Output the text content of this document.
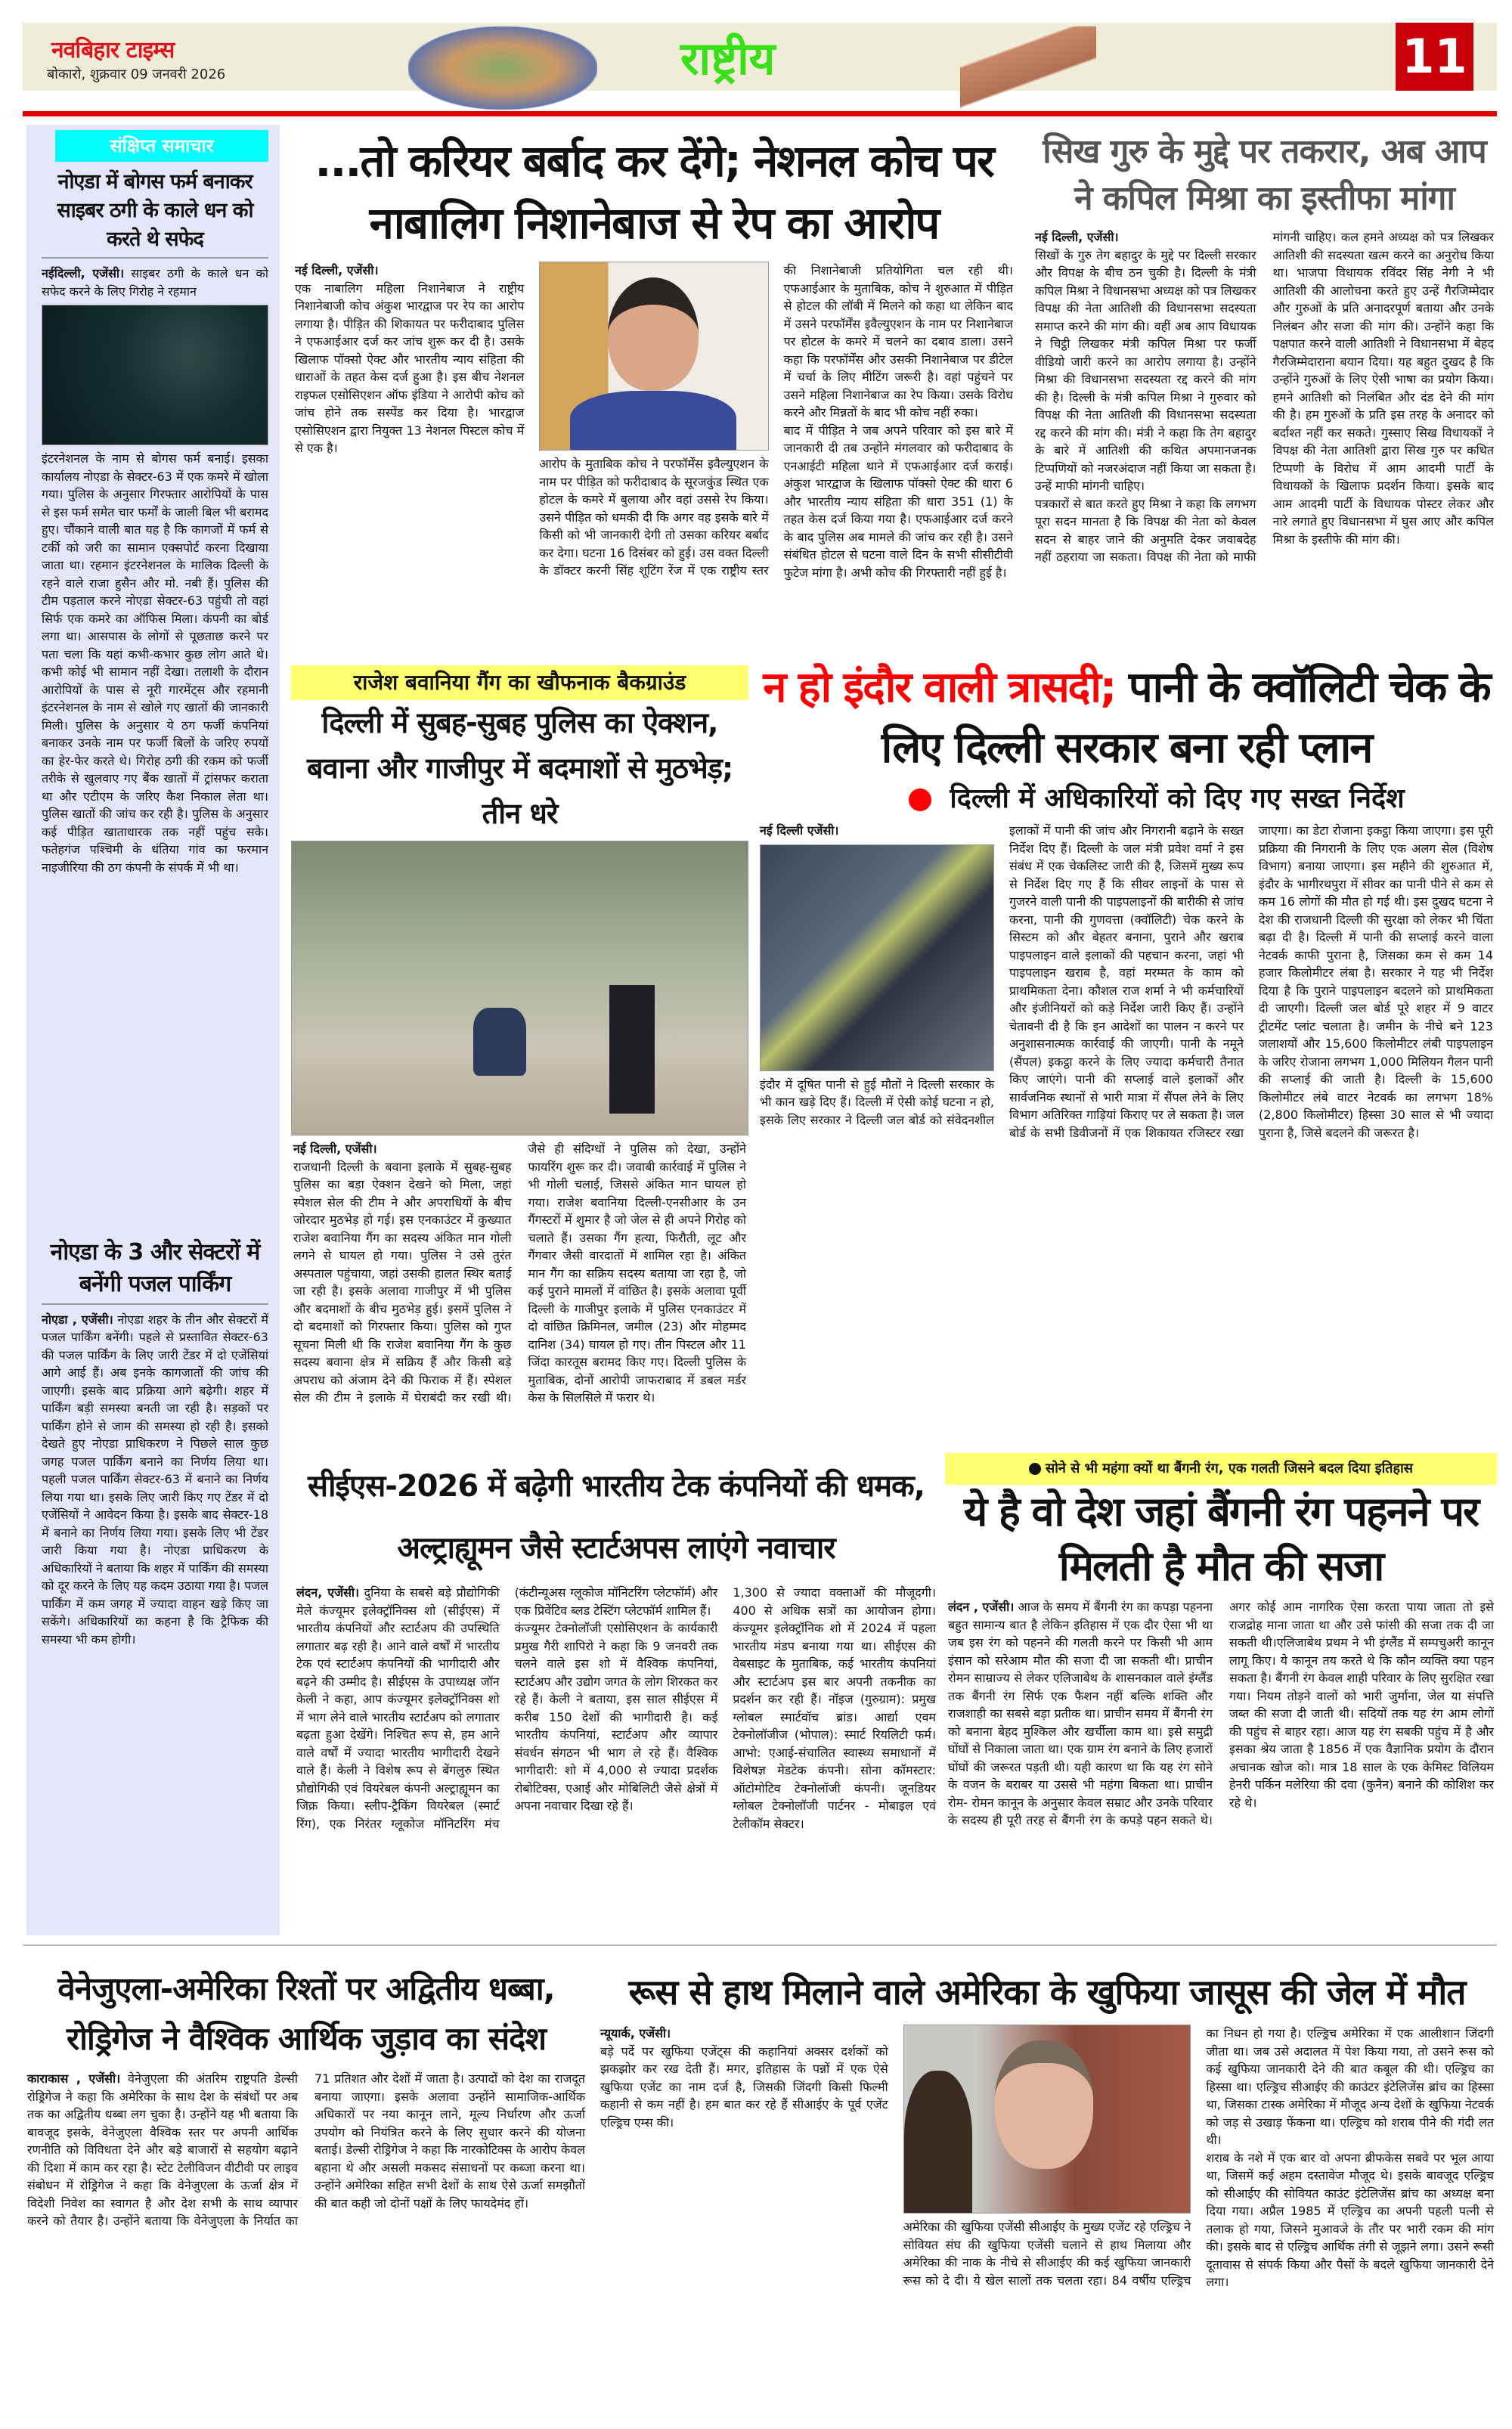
नवबिहार टाइम्स
बोकारो, शुक्रवार 09 जनवरी 2026	राष्ट्रीय	11
संक्षिप्त समाचार
नोएडा में बोगस फर्म बनाकर साइबर ठगी के काले धन को करते थे सफेद
नईदिल्ली, एजेंसी। साइबर ठगी के काले धन को सफेद करने के लिए गिरोह ने रहमान
इंटरनेशनल के नाम से बोगस फर्म बनाई। इसका कार्यालय नोएडा के सेक्टर-63 में एक कमरे में खोला गया। पुलिस के अनुसार गिरफ्तार आरोपियों के पास से इस फर्म समेत चार फर्मों के जाली बिल भी बरामद हुए। चौंकाने वाली बात यह है कि कागजों में फर्म से टर्की को जरी का सामान एक्सपोर्ट करना दिखाया जाता था। रहमान इंटरनेशनल के मालिक दिल्ली के रहने वाले राजा हुसैन और मो. नबी हैं। पुलिस की टीम पड़ताल करने नोएडा सेक्टर-63 पहुंची तो वहां सिर्फ एक कमरे का ऑफिस मिला। कंपनी का बोर्ड लगा था। आसपास के लोगों से पूछताछ करने पर पता चला कि यहां कभी-कभार कुछ लोग आते थे। कभी कोई भी सामान नहीं देखा। तलाशी के दौरान आरोपियों के पास से नूरी गारमेंट्स और रहमानी इंटरनेशनल के नाम से खोले गए खातों की जानकारी मिली। पुलिस के अनुसार ये ठग फर्जी कंपनियां बनाकर उनके नाम पर फर्जी बिलों के जरिए रुपयों का हेर-फेर करते थे। गिरोह ठगी की रकम को फर्जी तरीके से खुलवाए गए बैंक खातों में ट्रांसफर कराता था और एटीएम के जरिए कैश निकाल लेता था। पुलिस खातों की जांच कर रही है। पुलिस के अनुसार कई पीड़ित खाताधारक तक नहीं पहुंच सके। फतेहगंज पश्चिमी के धंतिया गांव का फरमान नाइजीरिया की ठग कंपनी के संपर्क में भी था।
नोएडा के 3 और सेक्टरों में बनेंगी पजल पार्किंग
नोएडा , एजेंसी। नोएडा शहर के तीन और सेक्टरों में पजल पार्किंग बनेंगी। पहले से प्रस्तावित सेक्टर-63 की पजल पार्किंग के लिए जारी टेंडर में दो एजेंसियां आगे आई हैं। अब इनके कागजातों की जांच की जाएगी। इसके बाद प्रक्रिया आगे बढ़ेगी। शहर में पार्किंग बड़ी समस्या बनती जा रही है। सड़कों पर पार्किंग होने से जाम की समस्या हो रही है। इसको देखते हुए नोएडा प्राधिकरण ने पिछले साल कुछ जगह पजल पार्किंग बनाने का निर्णय लिया था। पहली पजल पार्किंग सेक्टर-63 में बनाने का निर्णय लिया गया था। इसके लिए जारी किए गए टेंडर में दो एजेंसियों ने आवेदन किया है। इसके बाद सेक्टर-18 में बनाने का निर्णय लिया गया। इसके लिए भी टेंडर जारी किया गया है। नोएडा प्राधिकरण के अधिकारियों ने बताया कि शहर में पार्किंग की समस्या को दूर करने के लिए यह कदम उठाया गया है। पजल पार्किंग में कम जगह में ज्यादा वाहन खड़े किए जा सकेंगे। अधिकारियों का कहना है कि ट्रैफिक की समस्या भी कम होगी।
...तो करियर बर्बाद कर देंगे; नेशनल कोच पर नाबालिग निशानेबाज से रेप का आरोप

नई दिल्ली, एजेंसी।

एक नाबालिग महिला निशानेबाज ने राष्ट्रीय निशानेबाजी कोच अंकुश भारद्वाज पर रेप का आरोप लगाया है। पीड़ित की शिकायत पर फरीदाबाद पुलिस ने एफआईआर दर्ज कर जांच शुरू कर दी है। उसके खिलाफ पॉक्सो ऐक्ट और भारतीय न्याय संहिता की धाराओं के तहत केस दर्ज हुआ है। इस बीच नेशनल राइफल एसोसिएशन ऑफ इंडिया ने आरोपी कोच को जांच होने तक सस्पेंड कर दिया है। भारद्वाज एसोसिएशन द्वारा नियुक्त 13 नेशनल पिस्टल कोच में से एक है।

आरोप के मुताबिक कोच ने परफॉर्मेंस इवैल्युएशन के नाम पर पीड़ित को फरीदाबाद के सूरजकुंड स्थित एक होटल के कमरे में बुलाया और वहां उससे रेप किया। उसने पीड़ित को धमकी दी कि अगर वह इसके बारे में किसी को भी जानकारी देगी तो उसका करियर बर्बाद कर देगा। घटना 16 दिसंबर को हुई। उस वक्त दिल्ली के डॉक्टर करनी सिंह शूटिंग रेंज में एक राष्ट्रीय स्तर की निशानेबाजी प्रतियोगिता चल रही थी। एफआईआर के मुताबिक, कोच ने शुरुआत में पीड़ित से होटल की लॉबी में मिलने को कहा था लेकिन बाद में उसने परफॉर्मेंस इवैल्युएशन के नाम पर निशानेबाज पर होटल के कमरे में चलने का दबाव डाला। उसने कहा कि परफॉर्मेंस और उसकी निशानेबाज पर डीटेल में चर्चा के लिए मीटिंग जरूरी है। वहां पहुंचने पर उसने महिला निशानेबाज का रेप किया। उसके विरोध करने और मिन्नतों के बाद भी कोच नहीं रुका।

बाद में पीड़ित ने जब अपने परिवार को इस बारे में जानकारी दी तब उन्होंने मंगलवार को फरीदाबाद के एनआईटी महिला थाने में एफआईआर दर्ज कराई। अंकुश भारद्वाज के खिलाफ पॉक्सो ऐक्ट की धारा 6 और भारतीय न्याय संहिता की धारा 351 (1) के तहत केस दर्ज किया गया है। एफआईआर दर्ज करने के बाद पुलिस अब मामले की जांच कर रही है। उसने संबंधित होटल से घटना वाले दिन के सभी सीसीटीवी फुटेज मांगा है। अभी कोच की गिरफ्तारी नहीं हुई है।

सिख गुरु के मुद्दे पर तकरार, अब आप ने कपिल मिश्रा का इस्तीफा मांगा

नई दिल्ली, एजेंसी।

सिखों के गुरु तेग बहादुर के मुद्दे पर दिल्ली सरकार और विपक्ष के बीच ठन चुकी है। दिल्ली के मंत्री कपिल मिश्रा ने विधानसभा अध्यक्ष को पत्र लिखकर विपक्ष की नेता आतिशी की विधानसभा सदस्यता समाप्त करने की मांग की। वहीं अब आप विधायक ने चिट्ठी लिखकर मंत्री कपिल मिश्रा पर फर्जी वीडियो जारी करने का आरोप लगाया है। उन्होंने मिश्रा की विधानसभा सदस्यता रद्द करने की मांग की है। दिल्ली के मंत्री कपिल मिश्रा ने गुरुवार को विपक्ष की नेता आतिशी की विधानसभा सदस्यता रद्द करने की मांग की। मंत्री ने कहा कि तेग बहादुर के बारे में आतिशी की कथित अपमानजनक टिप्पणियों को नजरअंदाज नहीं किया जा सकता है। उन्हें माफी मांगनी चाहिए।

पत्रकारों से बात करते हुए मिश्रा ने कहा कि लगभग पूरा सदन मानता है कि विपक्ष की नेता को केवल सदन से बाहर जाने की अनुमति देकर जवाबदेह नहीं ठहराया जा सकता। विपक्ष की नेता को माफी मांगनी चाहिए। कल हमने अध्यक्ष को पत्र लिखकर आतिशी की सदस्यता खत्म करने का अनुरोध किया था। भाजपा विधायक रविंदर सिंह नेगी ने भी आतिशी की आलोचना करते हुए उन्हें गैरजिम्मेदार और गुरुओं के प्रति अनादरपूर्ण बताया और उनके निलंबन और सजा की मांग की। उन्होंने कहा कि पक्षपात करने वाली आतिशी ने विधानसभा में बेहद गैरजिम्मेदाराना बयान दिया। यह बहुत दुखद है कि उन्होंने गुरुओं के लिए ऐसी भाषा का प्रयोग किया। हमने आतिशी को निलंबित और दंड देने की मांग की है। हम गुरुओं के प्रति इस तरह के अनादर को बर्दाश्त नहीं कर सकते। गुस्साए सिख विधायकों ने विपक्ष की नेता आतिशी द्वारा सिख गुरु पर कथित टिप्पणी के विरोध में आम आदमी पार्टी के विधायकों के खिलाफ प्रदर्शन किया। इसके बाद आम आदमी पार्टी के विधायक पोस्टर लेकर और नारे लगाते हुए विधानसभा में घुस आए और कपिल मिश्रा के इस्तीफे की मांग की।

राजेश बवानिया गैंग का खौफनाक बैकग्राउंड
दिल्ली में सुबह-सुबह पुलिस का ऐक्शन, बवाना और गाजीपुर में बदमाशों से मुठभेड़; तीन धरे

नई दिल्ली, एजेंसी।

राजधानी दिल्ली के बवाना इलाके में सुबह-सुबह पुलिस का बड़ा ऐक्शन देखने को मिला, जहां स्पेशल सेल की टीम ने और अपराधियों के बीच जोरदार मुठभेड़ हो गई। इस एनकाउंटर में कुख्यात राजेश बवानिया गैंग का सदस्य अंकित मान गोली लगने से घायल हो गया। पुलिस ने उसे तुरंत अस्पताल पहुंचाया, जहां उसकी हालत स्थिर बताई जा रही है। इसके अलावा गाजीपुर में भी पुलिस और बदमाशों के बीच मुठभेड़ हुई। इसमें पुलिस ने दो बदमाशों को गिरफ्तार किया। पुलिस को गुप्त सूचना मिली थी कि राजेश बवानिया गैंग के कुछ सदस्य बवाना क्षेत्र में सक्रिय हैं और किसी बड़े अपराध को अंजाम देने की फिराक में हैं। स्पेशल सेल की टीम ने इलाके में घेराबंदी कर रखी थी। जैसे ही संदिग्धों ने पुलिस को देखा, उन्होंने फायरिंग शुरू कर दी। जवाबी कार्रवाई में पुलिस ने भी गोली चलाई, जिससे अंकित मान घायल हो गया। राजेश बवानिया दिल्ली-एनसीआर के उन गैंगस्टरों में शुमार है जो जेल से ही अपने गिरोह को चलाते हैं। उसका गैंग हत्या, फिरौती, लूट और गैंगवार जैसी वारदातों में शामिल रहा है। अंकित मान गैंग का सक्रिय सदस्य बताया जा रहा है, जो कई पुराने मामलों में वांछित है। इसके अलावा पूर्वी दिल्ली के गाजीपुर इलाके में पुलिस एनकाउंटर में दो वांछित क्रिमिनल, जमील (23) और मोहम्मद दानिश (34) घायल हो गए। तीन पिस्टल और 11 जिंदा कारतूस बरामद किए गए। दिल्ली पुलिस के मुताबिक, दोनों आरोपी जाफराबाद में डबल मर्डर केस के सिलसिले में फरार थे।

न हो इंदौर वाली त्रासदी; पानी के क्वॉलिटी चेक के लिए दिल्ली सरकार बना रही प्लान
दिल्ली में अधिकारियों को दिए गए सख्त निर्देश

नई दिल्ली एजेंसी।

इंदौर में दूषित पानी से हुई मौतों ने दिल्ली सरकार के भी कान खड़े दिए हैं। दिल्ली में ऐसी कोई घटना न हो, इसके लिए सरकार ने दिल्ली जल बोर्ड को संवेदनशील इलाकों में पानी की जांच और निगरानी बढ़ाने के सख्त निर्देश दिए हैं। दिल्ली के जल मंत्री प्रवेश वर्मा ने इस संबंध में एक चेकलिस्ट जारी की है, जिसमें मुख्य रूप से निर्देश दिए गए हैं कि सीवर लाइनों के पास से गुजरने वाली पानी की पाइपलाइनों की बारीकी से जांच करना, पानी की गुणवत्ता (क्वॉलिटी) चेक करने के सिस्टम को और बेहतर बनाना, पुराने और खराब पाइपलाइन वाले इलाकों की पहचान करना, जहां भी पाइपलाइन खराब है, वहां मरम्मत के काम को प्राथमिकता देना। कौशल राज शर्मा ने भी कर्मचारियों और इंजीनियरों को कड़े निर्देश जारी किए हैं। उन्होंने चेतावनी दी है कि इन आदेशों का पालन न करने पर अनुशासनात्मक कार्रवाई की जाएगी। पानी के नमूने (सैंपल) इकट्ठा करने के लिए ज्यादा कर्मचारी तैनात किए जाएंगे। पानी की सप्लाई वाले इलाकों और सार्वजनिक स्थानों से भारी मात्रा में सैंपल लेने के लिए विभाग अतिरिक्त गाड़ियां किराए पर ले सकता है। जल बोर्ड के सभी डिवीजनों में एक शिकायत रजिस्टर रखा जाएगा। का डेटा रोजाना इकट्ठा किया जाएगा। इस पूरी प्रक्रिया की निगरानी के लिए एक अलग सेल (विशेष विभाग) बनाया जाएगा। इस महीने की शुरुआत में, इंदौर के भागीरथपुरा में सीवर का पानी पीने से कम से कम 16 लोगों की मौत हो गई थी। इस दुखद घटना ने देश की राजधानी दिल्ली की सुरक्षा को लेकर भी चिंता बढ़ा दी है। दिल्ली में पानी की सप्लाई करने वाला नेटवर्क काफी पुराना है, जिसका कम से कम 14 हजार किलोमीटर लंबा है। सरकार ने यह भी निर्देश दिया है कि पुराने पाइपलाइन बदलने को प्राथमिकता दी जाएगी। दिल्ली जल बोर्ड पूरे शहर में 9 वाटर ट्रीटमेंट प्लांट चलाता है। जमीन के नीचे बने 123 जलाशयों और 15,600 किलोमीटर लंबी पाइपलाइन के जरिए रोजाना लगभग 1,000 मिलियन गैलन पानी की सप्लाई की जाती है। दिल्ली के 15,600 किलोमीटर लंबे वाटर नेटवर्क का लगभग 18% (2,800 किलोमीटर) हिस्सा 30 साल से भी ज्यादा पुराना है, जिसे बदलने की जरूरत है।

सीईएस-2026 में बढ़ेगी भारतीय टेक कंपनियों की धमक, अल्ट्राह्यूमन जैसे स्टार्टअपस लाएंगे नवाचार

लंदन, एजेंसी। दुनिया के सबसे बड़े प्रौद्योगिकी मेले कंज्यूमर इलेक्ट्रॉनिक्स शो (सीईएस) में भारतीय कंपनियों और स्टार्टअप की उपस्थिति लगातार बढ़ रही है। आने वाले वर्षों में भारतीय टेक एवं स्टार्टअप कंपनियों की भागीदारी और बढ़ने की उम्मीद है। सीईएस के उपाध्यक्ष जॉन केली ने कहा, आप कंज्यूमर इलेक्ट्रॉनिक्स शो में भाग लेने वाले भारतीय स्टार्टअप को लगातार बढ़ता हुआ देखेंगे। निश्चित रूप से, हम आने वाले वर्षों में ज्यादा भारतीय भागीदारी देखने वाले हैं। केली ने विशेष रूप से बेंगलुरु स्थित प्रौद्योगिकी एवं वियरेबल कंपनी अल्ट्राह्यूमन का जिक्र किया। स्लीप-ट्रैकिंग वियरेबल (स्मार्ट रिंग), एक निरंतर ग्लूकोज मॉनिटरिंग मंच (कंटीन्यूअस ग्लूकोज मॉनिटरिंग प्लेटफॉर्म) और एक प्रिवेंटिव ब्लड टेस्टिंग प्लेटफॉर्म शामिल हैं।

कंज्यूमर टेक्नोलॉजी एसोसिएशन के कार्यकारी प्रमुख गैरी शापिरो ने कहा कि 9 जनवरी तक चलने वाले इस शो में वैश्विक कंपनियां, स्टार्टअप और उद्योग जगत के लोग शिरकत कर रहे हैं। केली ने बताया, इस साल सीईएस में करीब 150 देशों की भागीदारी है। कई भारतीय कंपनियां, स्टार्टअप और व्यापार संवर्धन संगठन भी भाग ले रहे हैं। वैश्विक भागीदारी: शो में 4,000 से ज्यादा प्रदर्शक रोबोटिक्स, एआई और मोबिलिटी जैसे क्षेत्रों में अपना नवाचार दिखा रहे हैं।

1,300 से ज्यादा वक्ताओं की मौजूदगी। 400 से अधिक सत्रों का आयोजन होगा। कंज्यूमर इलेक्ट्रॉनिक शो में 2024 में पहला भारतीय मंडप बनाया गया था। सीईएस की वेबसाइट के मुताबिक, कई भारतीय कंपनियां और स्टार्टअप इस बार अपनी तकनीक का प्रदर्शन कर रही हैं। नॉइज (गुरुग्राम): प्रमुख ग्लोबल स्मार्टवॉच ब्रांड। आर्द्या एवम टेक्नोलॉजीज (भोपाल): स्मार्ट रियलिटी फर्म। आभो: एआई-संचालित स्वास्थ्य समाधानों में विशेषज्ञ मेडटेक कंपनी। सोना कॉमस्टार: ऑटोमोटिव टेक्नोलॉजी कंपनी। जूनडियर ग्लोबल टेक्नोलॉजी पार्टनर - मोबाइल एवं टेलीकॉम सेक्टर।

सोने से भी महंगा क्यों था बैंगनी रंग, एक गलती जिसने बदल दिया इतिहास
ये है वो देश जहां बैंगनी रंग पहनने पर मिलती है मौत की सजा

लंदन , एजेंसी। आज के समय में बैंगनी रंग का कपड़ा पहनना बहुत सामान्य बात है लेकिन इतिहास में एक दौर ऐसा भी था जब इस रंग को पहनने की गलती करने पर किसी भी आम इंसान को सरेआम मौत की सजा दी जा सकती थी। प्राचीन रोमन साम्राज्य से लेकर एलिजाबेथ के शासनकाल वाले इंग्लैंड तक बैंगनी रंग सिर्फ एक फैशन नहीं बल्कि शक्ति और राजशाही का सबसे बड़ा प्रतीक था। प्राचीन समय में बैंगनी रंग को बनाना बेहद मुश्किल और खर्चीला काम था। इसे समुद्री घोंघों से निकाला जाता था। एक ग्राम रंग बनाने के लिए हजारों घोंघों की जरूरत पड़ती थी। यही कारण था कि यह रंग सोने के वजन के बराबर या उससे भी महंगा बिकता था। प्राचीन रोम- रोमन कानून के अनुसार केवल सम्राट और उनके परिवार के सदस्य ही पूरी तरह से बैंगनी रंग के कपड़े पहन सकते थे। अगर कोई आम नागरिक ऐसा करता पाया जाता तो इसे राजद्रोह माना जाता था और उसे फांसी की सजा तक दी जा सकती थी।एलिजाबेथ प्रथम ने भी इंग्लैंड में सम्पचुअरी कानून लागू किए। ये कानून तय करते थे कि कौन व्यक्ति क्या पहन सकता है। बैंगनी रंग केवल शाही परिवार के लिए सुरक्षित रखा गया। नियम तोड़ने वालों को भारी जुर्माना, जेल या संपत्ति जब्त की सजा दी जाती थी। सदियों तक यह रंग आम लोगों की पहुंच से बाहर रहा। आज यह रंग सबकी पहुंच में है और इसका श्रेय जाता है 1856 में एक वैज्ञानिक प्रयोग के दौरान अचानक खोज को। मात्र 18 साल के एक केमिस्ट विलियम हेनरी पर्किन मलेरिया की दवा (कुनैन) बनाने की कोशिश कर रहे थे।

वेनेजुएला-अमेरिका रिश्तों पर अद्वितीय धब्बा, रोड्रिगेज ने वैश्विक आर्थिक जुड़ाव का संदेश

काराकास , एजेंसी। वेनेजुएला की अंतरिम राष्ट्रपति डेल्सी रोड्रिगेज ने कहा कि अमेरिका के साथ देश के संबंधों पर अब तक का अद्वितीय धब्बा लग चुका है। उन्होंने यह भी बताया कि बावजूद इसके, वेनेजुएला वैश्विक स्तर पर अपनी आर्थिक रणनीति को विविधता देने और बड़े बाजारों से सहयोग बढ़ाने की दिशा में काम कर रहा है। स्टेट टेलीविजन वीटीवी पर लाइव संबोधन में रोड्रिगेज ने कहा कि वेनेजुएला के ऊर्जा क्षेत्र में विदेशी निवेश का स्वागत है और देश सभी के साथ व्यापार करने को तैयार है। उन्होंने बताया कि वेनेजुएला के निर्यात का 71 प्रतिशत और देशों में जाता है। उत्पादों को देश का राजदूत बनाया जाएगा। इसके अलावा उन्होंने सामाजिक-आर्थिक अधिकारों पर नया कानून लाने, मूल्य निर्धारण और ऊर्जा उपयोग को नियंत्रित करने के लिए सुधार करने की योजना बताई। डेल्सी रोड्रिगेज ने कहा कि नारकोटिक्स के आरोप केवल बहाना थे और असली मकसद संसाधनों पर कब्जा करना था। उन्होंने अमेरिका सहित सभी देशों के साथ ऐसे ऊर्जा समझौतों की बात कही जो दोनों पक्षों के लिए फायदेमंद हों।

रूस से हाथ मिलाने वाले अमेरिका के खुफिया जासूस की जेल में मौत

न्यूयार्क, एजेंसी।

बड़े पर्दे पर खुफिया एजेंट्स की कहानियां अक्सर दर्शकों को झकझोर कर रख देती हैं। मगर, इतिहास के पन्नों में एक ऐसे खुफिया एजेंट का नाम दर्ज है, जिसकी जिंदगी किसी फिल्मी कहानी से कम नहीं है। हम बात कर रहे हैं सीआईए के पूर्व एजेंट एल्ड्रिच एम्स की।

अमेरिका की खुफिया एजेंसी सीआईए के मुख्य एजेंट रहे एल्ड्रिच ने सोवियत संघ की खुफिया एजेंसी चलाने से हाथ मिलाया और अमेरिका की नाक के नीचे से सीआईए की कई खुफिया जानकारी रूस को दे दी। ये खेल सालों तक चलता रहा। 84 वर्षीय एल्ड्रिच का निधन हो गया है। एल्ड्रिच अमेरिका में एक आलीशान जिंदगी जीता था। जब उसे अदालत में पेश किया गया, तो उसने रूस को कई खुफिया जानकारी देने की बात कबूल की थी। एल्ड्रिच का हिस्सा था। एल्ड्रिच सीआईए की काउंटर इंटेलिजेंस ब्रांच का हिस्सा था, जिसका टास्क अमेरिका में मौजूद अन्य देशों के खुफिया नेटवर्क को जड़ से उखाड़ फेंकना था। एल्ड्रिच को शराब पीने की गंदी लत थी।

शराब के नशे में एक बार वो अपना ब्रीफकेस सबवे पर भूल आया था, जिसमें कई अहम दस्तावेज मौजूद थे। इसके बावजूद एल्ड्रिच को सीआईए की सोवियत काउंट इंटेलिजेंस ब्रांच का अध्यक्ष बना दिया गया। अप्रैल 1985 में एल्ड्रिच का अपनी पहली पत्नी से तलाक हो गया, जिसने मुआवजे के तौर पर भारी रकम की मांग की। इसके बाद से एल्ड्रिच आर्थिक तंगी से जूझने लगा। उसने रूसी दूतावास से संपर्क किया और पैसों के बदले खुफिया जानकारी देने लगा।
